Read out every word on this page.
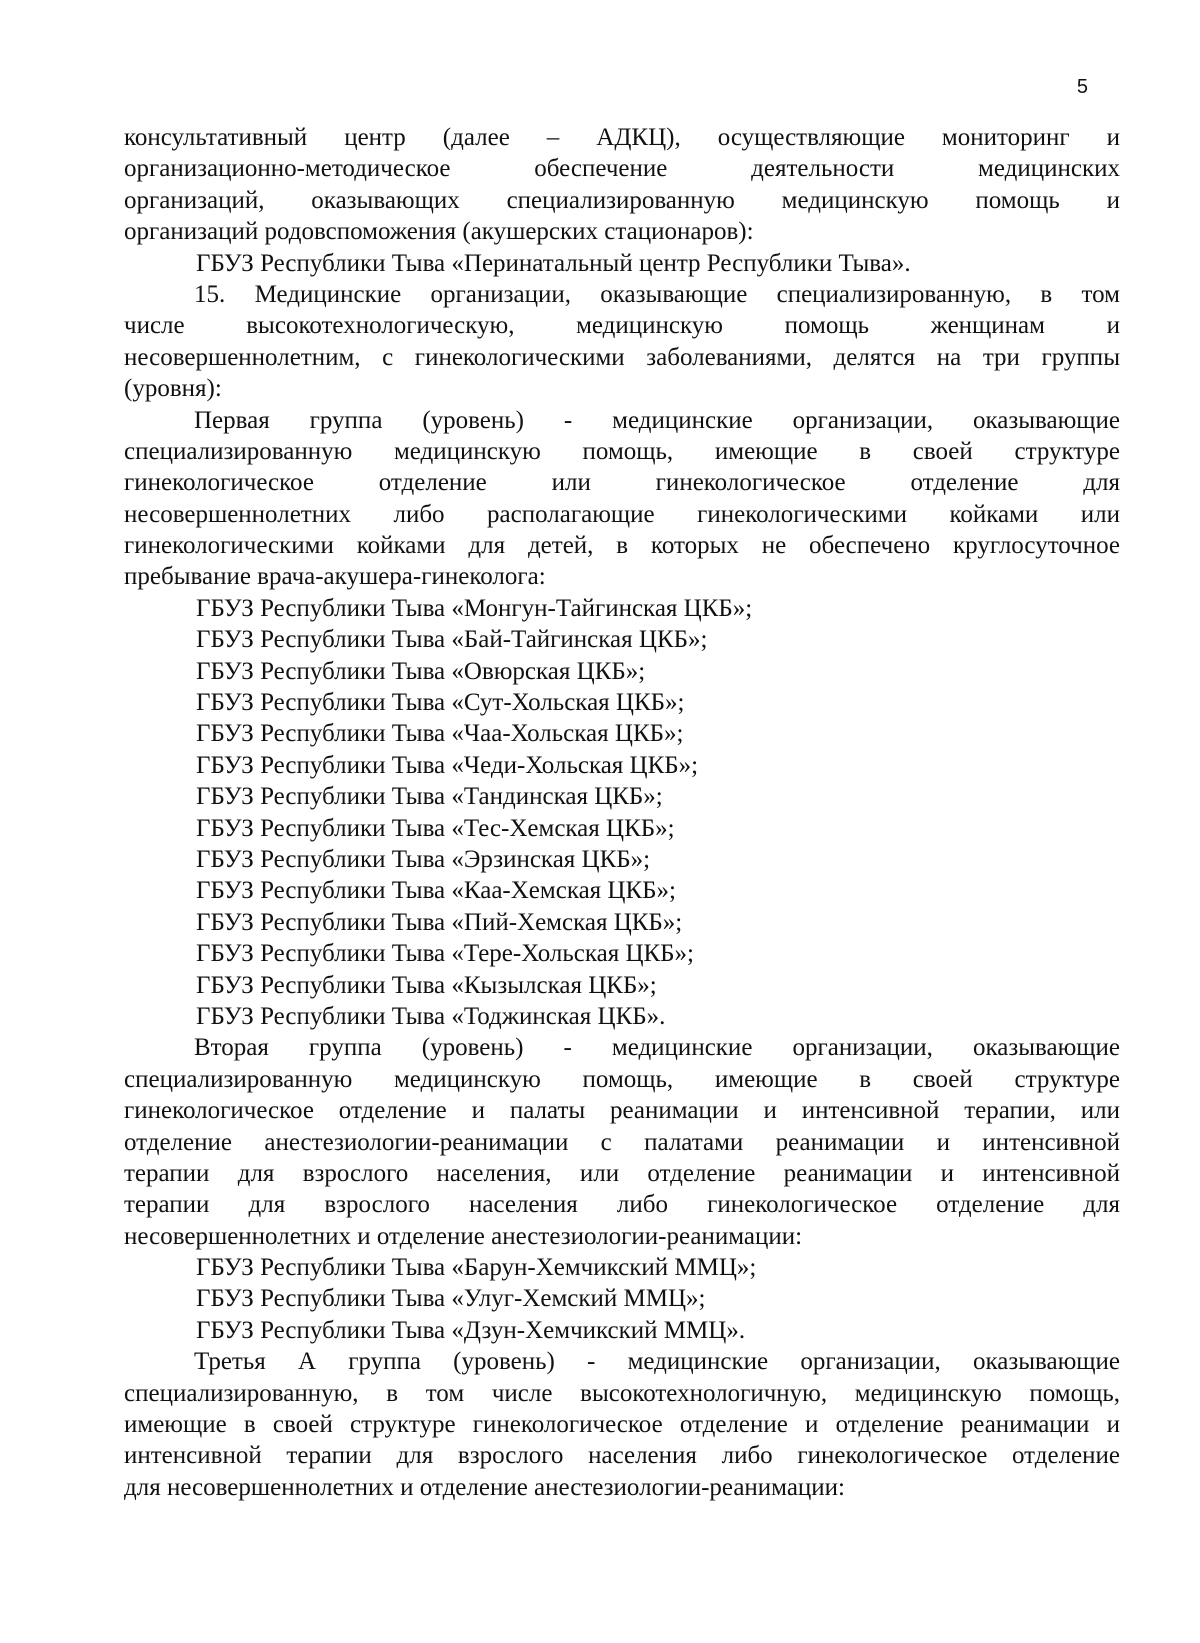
5
консультативный центр (далее – АДКЦ), осуществляющие мониторинг и
организационно-методическое обеспечение деятельности медицинских
организаций, оказывающих специализированную медицинскую помощь и
организаций родовспоможения (акушерских стационаров):
ГБУЗ Республики Тыва «Перинатальный центр Республики Тыва».
15. Медицинские организации, оказывающие специализированную, в том
числе высокотехнологическую, медицинскую помощь женщинам и
несовершеннолетним, с гинекологическими заболеваниями, делятся на три группы
(уровня):
Первая группа (уровень) - медицинские организации, оказывающие
специализированную медицинскую помощь, имеющие в своей структуре
гинекологическое отделение или гинекологическое отделение для
несовершеннолетних либо располагающие гинекологическими койками или
гинекологическими койками для детей, в которых не обеспечено круглосуточное
пребывание врача-акушера-гинеколога:
ГБУЗ Республики Тыва «Монгун-Тайгинская ЦКБ»;
ГБУЗ Республики Тыва «Бай-Тайгинская ЦКБ»;
ГБУЗ Республики Тыва «Овюрская ЦКБ»;
ГБУЗ Республики Тыва «Сут-Хольская ЦКБ»;
ГБУЗ Республики Тыва «Чаа-Хольская ЦКБ»;
ГБУЗ Республики Тыва «Чеди-Хольская ЦКБ»;
ГБУЗ Республики Тыва «Тандинская ЦКБ»;
ГБУЗ Республики Тыва «Тес-Хемская ЦКБ»;
ГБУЗ Республики Тыва «Эрзинская ЦКБ»;
ГБУЗ Республики Тыва «Каа-Хемская ЦКБ»;
ГБУЗ Республики Тыва «Пий-Хемская ЦКБ»;
ГБУЗ Республики Тыва «Тере-Хольская ЦКБ»;
ГБУЗ Республики Тыва «Кызылская ЦКБ»;
ГБУЗ Республики Тыва «Тоджинская ЦКБ».
Вторая группа (уровень) - медицинские организации, оказывающие
специализированную медицинскую помощь, имеющие в своей структуре
гинекологическое отделение и палаты реанимации и интенсивной терапии, или
отделение анестезиологии-реанимации с палатами реанимации и интенсивной
терапии для взрослого населения, или отделение реанимации и интенсивной
терапии для взрослого населения либо гинекологическое отделение для
несовершеннолетних и отделение анестезиологии-реанимации:
ГБУЗ Республики Тыва «Барун-Хемчикский ММЦ»;
ГБУЗ Республики Тыва «Улуг-Хемский ММЦ»;
ГБУЗ Республики Тыва «Дзун-Хемчикский ММЦ».
Третья А группа (уровень) - медицинские организации, оказывающие
специализированную, в том числе высокотехнологичную, медицинскую помощь,
имеющие в своей структуре гинекологическое отделение и отделение реанимации и
интенсивной терапии для взрослого населения либо гинекологическое отделение
для несовершеннолетних и отделение анестезиологии-реанимации:
